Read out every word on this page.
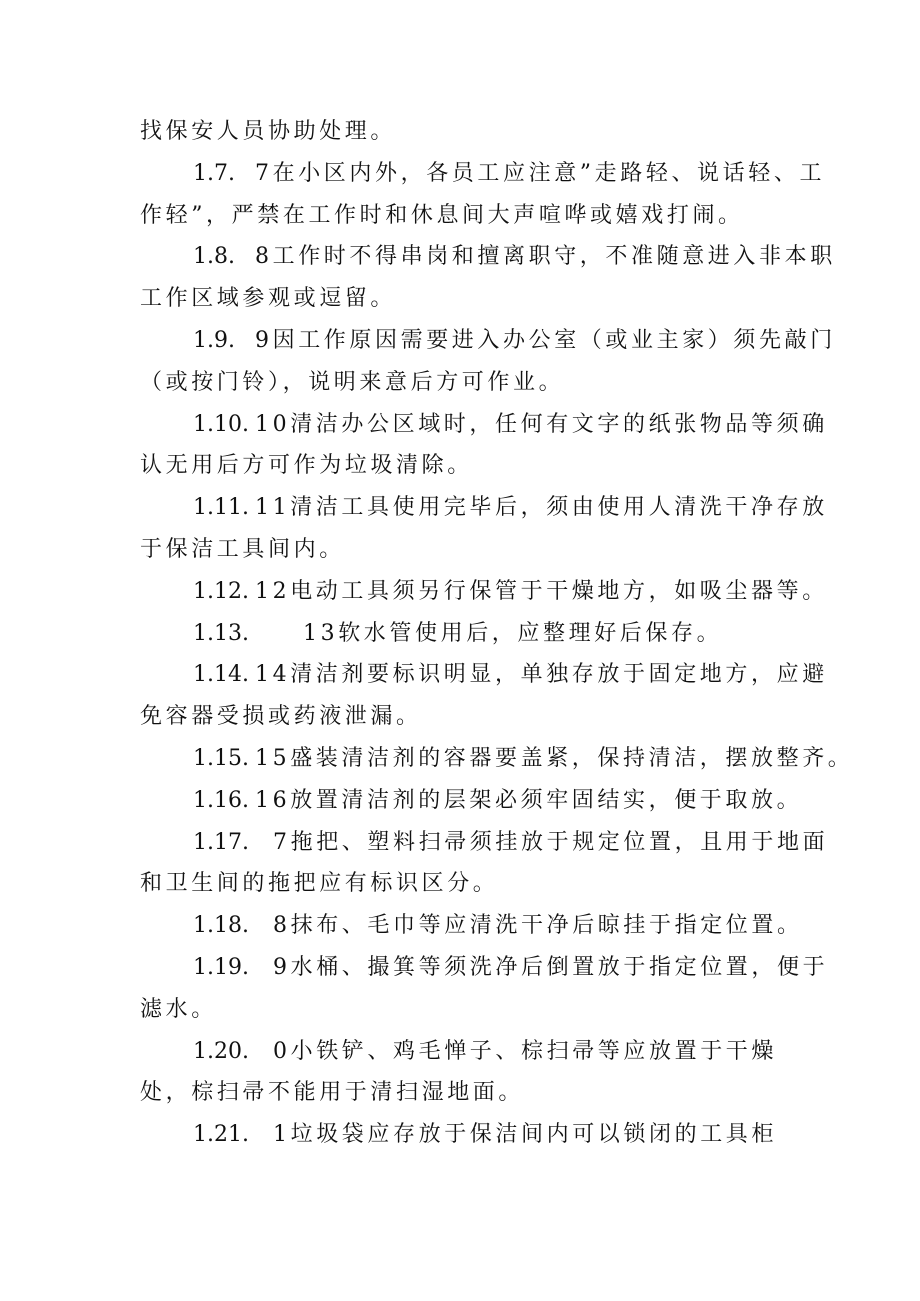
找保安人员协助处理。
1.7. 7在小区内外，各员工应注意”走路轻、说话轻、工
作轻”，严禁在工作时和休息间大声喧哗或嬉戏打闹。
1.8. 8工作时不得串岗和擅离职守，不准随意进入非本职
工作区域参观或逗留。
1.9. 9因工作原因需要进入办公室（或业主家）须先敲门
（或按门铃），说明来意后方可作业。
1.10. 10清洁办公区域时，任何有文字的纸张物品等须确
认无用后方可作为垃圾清除。
1.11. 11清洁工具使用完毕后，须由使用人清洗干净存放
于保洁工具间内。
1.12. 12电动工具须另行保管于干燥地方，如吸尘器等。
1.13. 13软水管使用后，应整理好后保存。
1.14. 14清洁剂要标识明显，单独存放于固定地方，应避
免容器受损或药液泄漏。
1.15. 15盛装清洁剂的容器要盖紧，保持清洁，摆放整齐。
1.16. 16放置清洁剂的层架必须牢固结实，便于取放。
1.17. 7拖把、塑料扫帚须挂放于规定位置，且用于地面
和卫生间的拖把应有标识区分。
1.18. 8抹布、毛巾等应清洗干净后晾挂于指定位置。
1.19. 9水桶、撮箕等须洗净后倒置放于指定位置，便于
滤水。
1.20. 0小铁铲、鸡毛惮子、棕扫帚等应放置于干燥
处，棕扫帚不能用于清扫湿地面。
1.21. 1垃圾袋应存放于保洁间内可以锁闭的工具柜
